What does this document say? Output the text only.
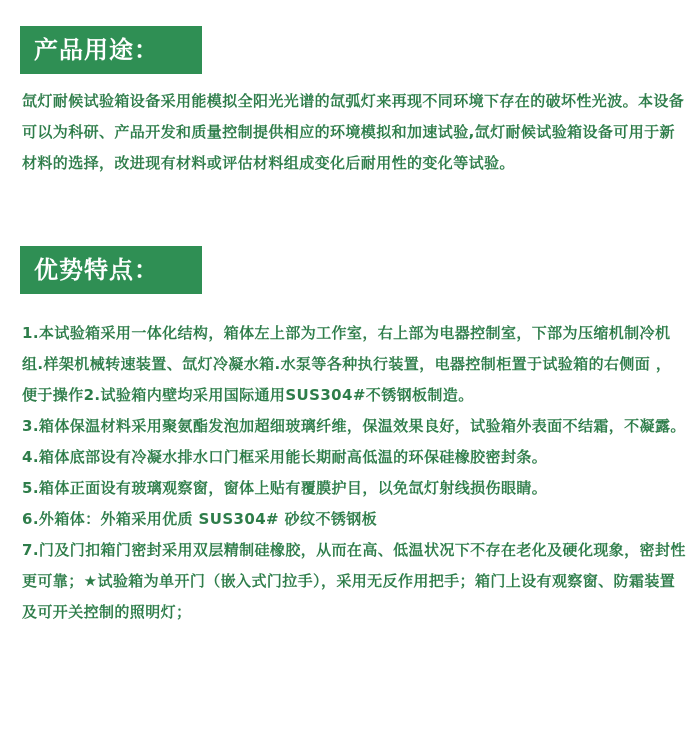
产品用途：
氙灯耐候试验箱设备采用能模拟全阳光光谱的氙弧灯来再现不同环境下存在的破坏性光波。本设备可以为科研、产品开发和质量控制提供相应的环境模拟和加速试验,氙灯耐候试验箱设备可用于新材料的选择，改进现有材料或评估材料组成变化后耐用性的变化等试验。
优势特点：

1.本试验箱采用一体化结构，箱体左上部为工作室，右上部为电器控制室，下部为压缩机制冷机组.样架机械转速装置、氙灯冷凝水箱.水泵等各种执行装置，电器控制柜置于试验箱的右侧面 ，便于操作2.试验箱内壁均采用国际通用SUS304#不锈钢板制造。

3.箱体保温材料采用聚氨酯发泡加超细玻璃纤维，保温效果良好，试验箱外表面不结霜，不凝露。

4.箱体底部设有冷凝水排水口门框采用能长期耐高低温的环保硅橡胶密封条。

5.箱体正面设有玻璃观察窗，窗体上贴有覆膜护目，以免氙灯射线损伤眼睛。

6.外箱体：外箱采用优质 SUS304# 砂纹不锈钢板

7.门及门扣箱门密封采用双层精制硅橡胶，从而在高、低温状况下不存在老化及硬化现象，密封性更可靠；★试验箱为单开门（嵌入式门拉手），采用无反作用把手；箱门上设有观察窗、防霜装置及可开关控制的照明灯；
